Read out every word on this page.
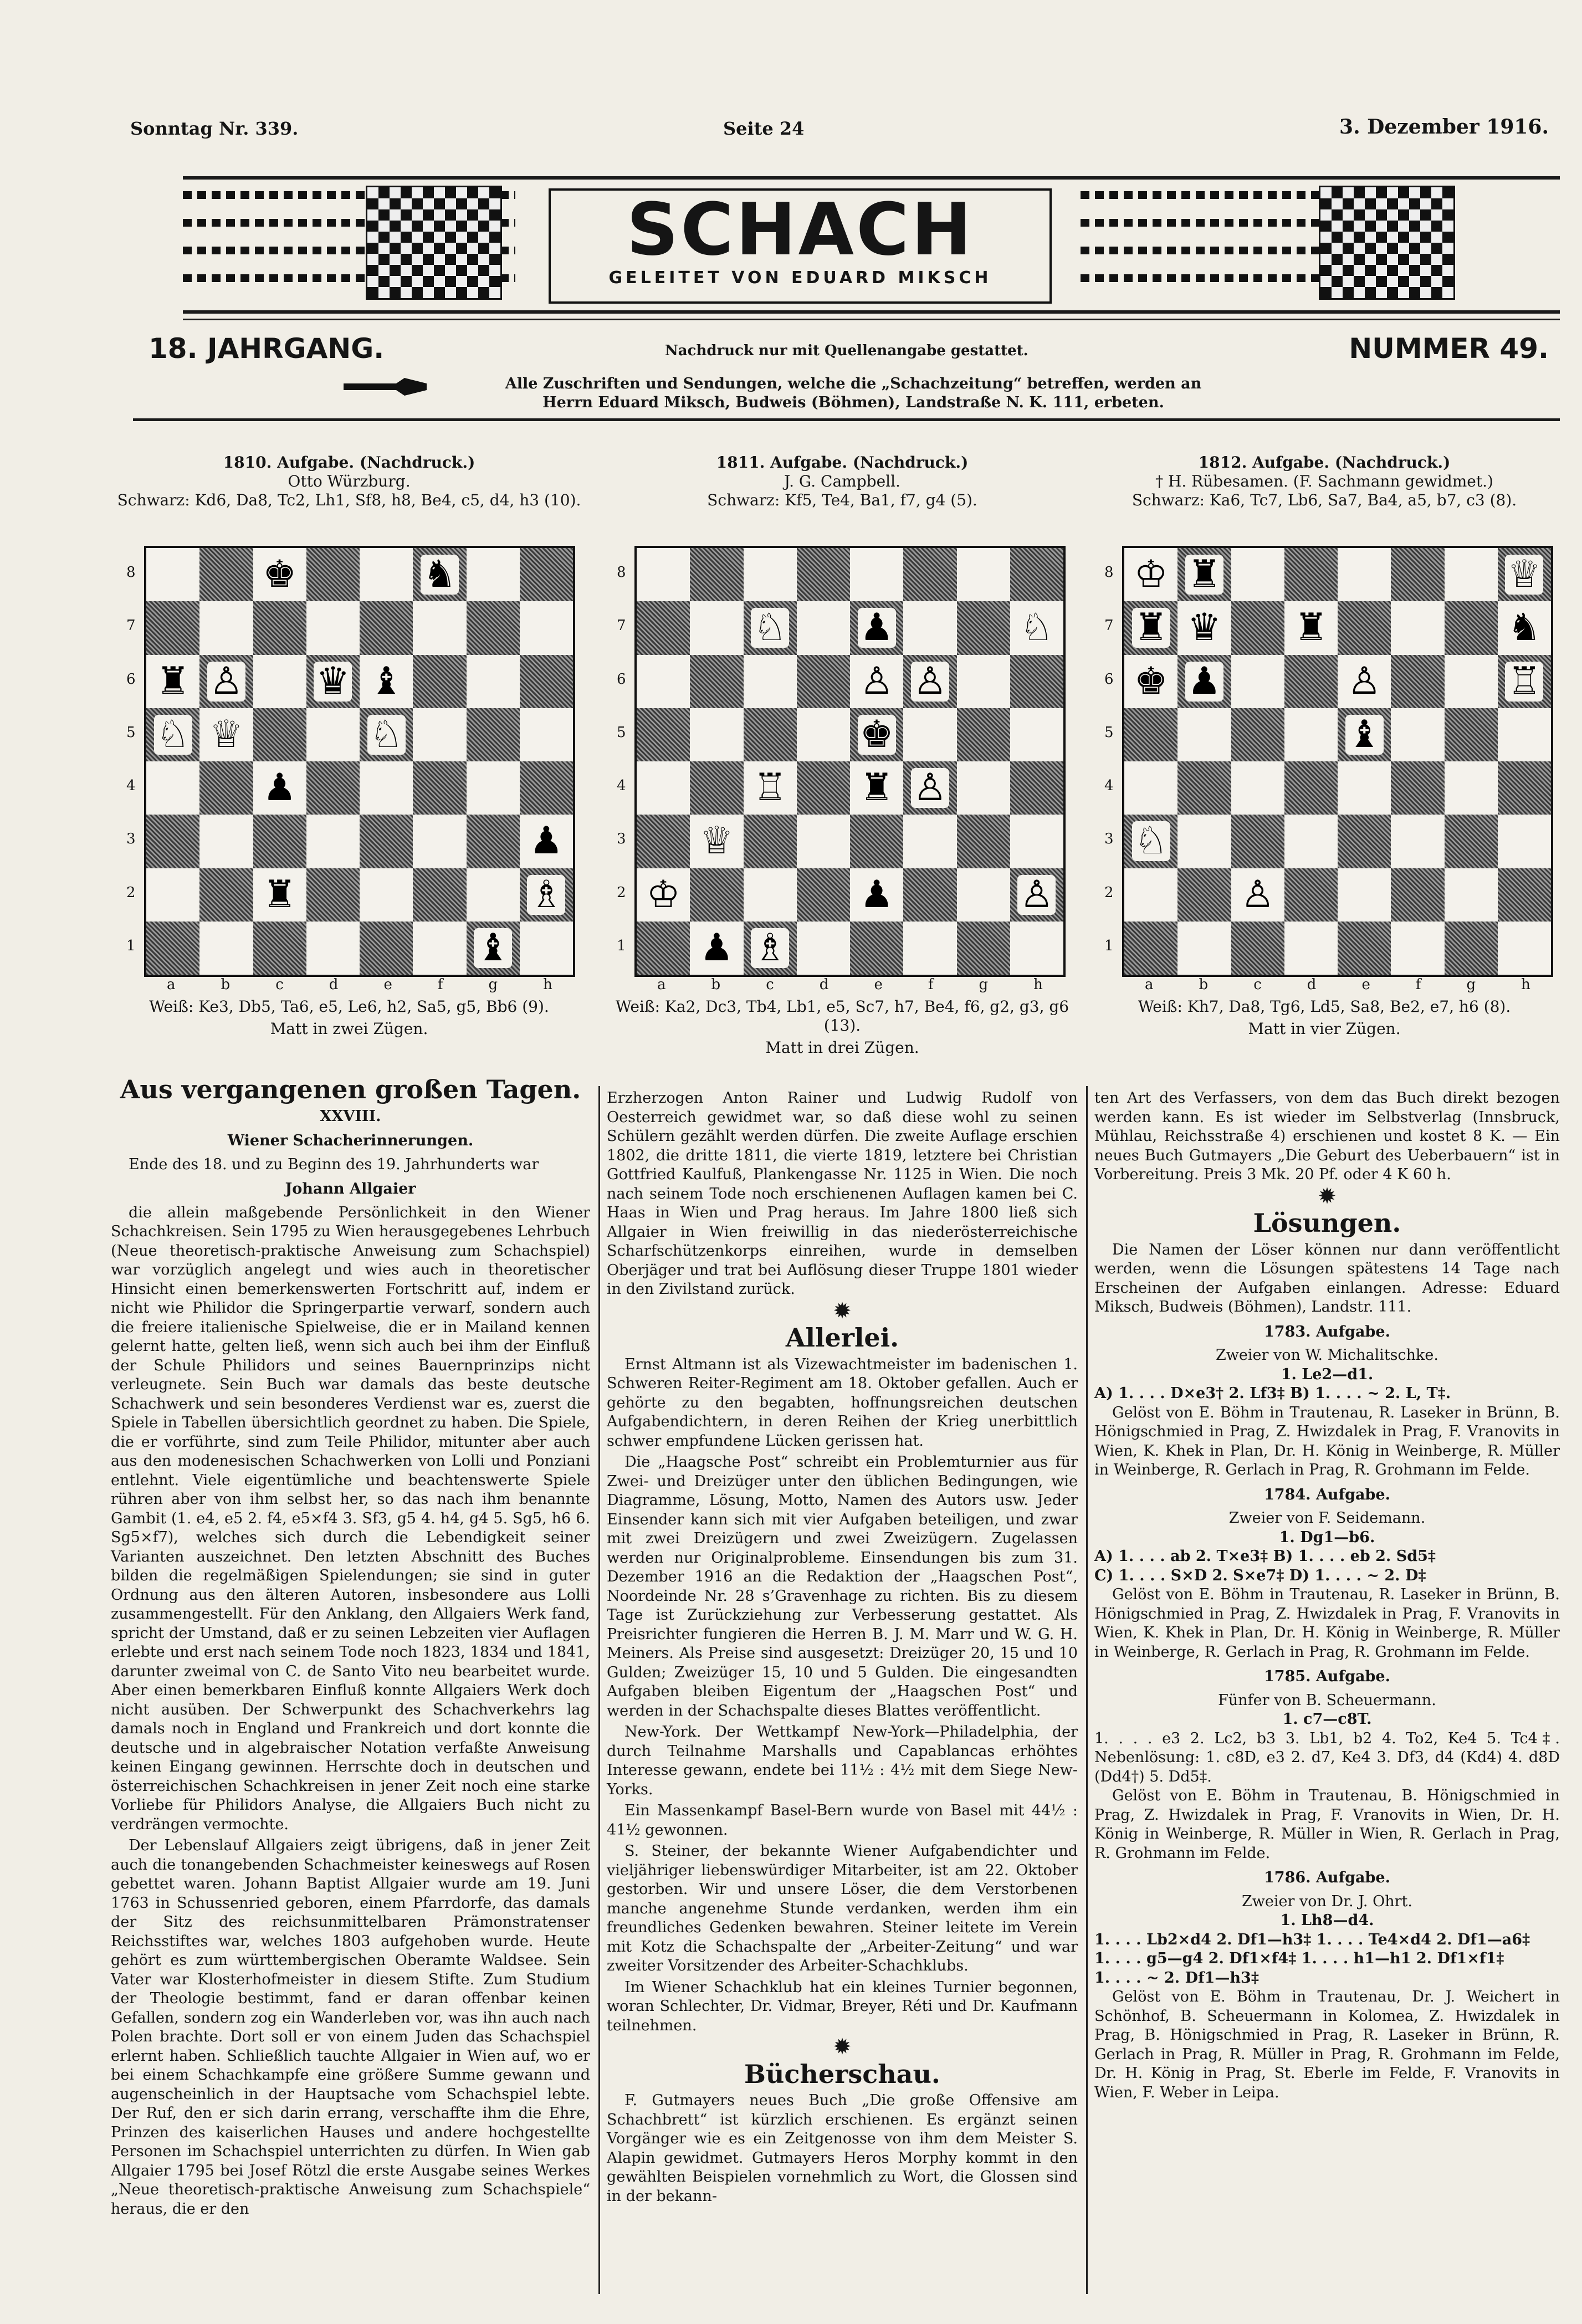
Sonntag Nr. 339.	Seite 24	3. Dezember 1916.
SCHACH
GELEITET VON EDUARD MIKSCH
18. JAHRGANG.	Nachdruck nur mit Quellenangabe gestattet.	NUMMER 49.
Alle Zuschriften und Sendungen, welche die „Schachzeitung“ betreffen, werden an
Herrn Eduard Miksch, Budweis (Böhmen), Landstraße N. K. 111, erbeten.
1810. Aufgabe. (Nachdruck.)
Otto Würzburg.
Schwarz: Kd6, Da8, Tc2, Lh1, Sf8, h8, Be4, c5, d4, h3 (10).
♚	♞
♜ ♙ ♛ ♝
♘ ♕	♘
♟
♟
♜	♗
♝
8
7
6
5
4
3
2
1
a	b	c	d	e	f	g	h
Weiß: Ke3, Db5, Ta6, e5, Le6, h2, Sa5, g5, Bb6 (9).
Matt in zwei Zügen.
1811. Aufgabe. (Nachdruck.)
J. G. Campbell.
Schwarz: Kf5, Te4, Ba1, f7, g4 (5).
♘ ♟	♘
♙ ♙
♚
♖ ♜ ♙
♕
♔	♟	♙
♟ ♗
8
7
6
5
4
3
2
1
a	b	c	d	e	f	g	h
Weiß: Ka2, Dc3, Tb4, Lb1, e5, Sc7, h7, Be4, f6, g2, g3, g6 (13).
Matt in drei Zügen.
1812. Aufgabe. (Nachdruck.)
† H. Rübesamen. (F. Sachmann gewidmet.)
Schwarz: Ka6, Tc7, Lb6, Sa7, Ba4, a5, b7, c3 (8).
♔ ♜	♕
♜ ♛ ♜	♞
♚ ♟	♙	♖
♝
♘
♙
8
7
6
5
4
3
2
1
a	b	c	d	e	f	g	h
Weiß: Kh7, Da8, Tg6, Ld5, Sa8, Be2, e7, h6 (8).
Matt in vier Zügen.
Aus vergangenen großen Tagen.
XXVIII.
Wiener Schacherinnerungen.

Ende des 18. und zu Beginn des 19. Jahrhunderts war

Johann Allgaier

die allein maßgebende Persönlichkeit in den Wiener Schachkreisen. Sein 1795 zu Wien herausgegebenes Lehrbuch (Neue theoretisch-praktische Anweisung zum Schachspiel) war vorzüglich angelegt und wies auch in theoretischer Hinsicht einen bemerkenswerten Fortschritt auf, indem er nicht wie Philidor die Springerpartie verwarf, sondern auch die freiere italienische Spielweise, die er in Mailand kennen gelernt hatte, gelten ließ, wenn sich auch bei ihm der Einfluß der Schule Philidors und seines Bauernprinzips nicht verleugnete. Sein Buch war damals das beste deutsche Schachwerk und sein besonderes Verdienst war es, zuerst die Spiele in Tabellen übersichtlich geordnet zu haben. Die Spiele, die er vorführte, sind zum Teile Philidor, mitunter aber auch aus den modenesischen Schachwerken von Lolli und Ponziani entlehnt. Viele eigentümliche und beachtenswerte Spiele rühren aber von ihm selbst her, so das nach ihm benannte Gambit (1. e4, e5 2. f4, e5×f4 3. Sf3, g5 4. h4, g4 5. Sg5, h6 6. Sg5×f7), welches sich durch die Lebendigkeit seiner Varianten auszeichnet. Den letzten Abschnitt des Buches bilden die regelmäßigen Spielendungen; sie sind in guter Ordnung aus den älteren Autoren, insbesondere aus Lolli zusammengestellt. Für den Anklang, den Allgaiers Werk fand, spricht der Umstand, daß er zu seinen Lebzeiten vier Auflagen erlebte und erst nach seinem Tode noch 1823, 1834 und 1841, darunter zweimal von C. de Santo Vito neu bearbeitet wurde. Aber einen bemerkbaren Einfluß konnte Allgaiers Werk doch nicht ausüben. Der Schwerpunkt des Schachverkehrs lag damals noch in England und Frankreich und dort konnte die deutsche und in algebraischer Notation verfaßte Anweisung keinen Eingang gewinnen. Herrschte doch in deutschen und österreichischen Schachkreisen in jener Zeit noch eine starke Vorliebe für Philidors Analyse, die Allgaiers Buch nicht zu verdrängen vermochte.

Der Lebenslauf Allgaiers zeigt übrigens, daß in jener Zeit auch die tonangebenden Schachmeister keineswegs auf Rosen gebettet waren. Johann Baptist Allgaier wurde am 19. Juni 1763 in Schussenried geboren, einem Pfarrdorfe, das damals der Sitz des reichsunmittelbaren Prämonstratenser Reichsstiftes war, welches 1803 aufgehoben wurde. Heute gehört es zum württembergischen Oberamte Waldsee. Sein Vater war Klosterhofmeister in diesem Stifte. Zum Studium der Theologie bestimmt, fand er daran offenbar keinen Gefallen, sondern zog ein Wanderleben vor, was ihn auch nach Polen brachte. Dort soll er von einem Juden das Schachspiel erlernt haben. Schließlich tauchte Allgaier in Wien auf, wo er bei einem Schachkampfe eine größere Summe gewann und augenscheinlich in der Hauptsache vom Schachspiel lebte. Der Ruf, den er sich darin errang, verschaffte ihm die Ehre, Prinzen des kaiserlichen Hauses und andere hochgestellte Personen im Schachspiel unterrichten zu dürfen. In Wien gab Allgaier 1795 bei Josef Rötzl die erste Ausgabe seines Werkes „Neue theoretisch-praktische Anweisung zum Schachspiele“ heraus, die er den

Erzherzogen Anton Rainer und Ludwig Rudolf von Oesterreich gewidmet war, so daß diese wohl zu seinen Schülern gezählt werden dürfen. Die zweite Auflage erschien 1802, die dritte 1811, die vierte 1819, letztere bei Christian Gottfried Kaulfuß, Plankengasse Nr. 1125 in Wien. Die noch nach seinem Tode noch erschienenen Auflagen kamen bei C. Haas in Wien und Prag heraus. Im Jahre 1800 ließ sich Allgaier in Wien freiwillig in das niederösterreichische Scharfschützenkorps einreihen, wurde in demselben Oberjäger und trat bei Auflösung dieser Truppe 1801 wieder in den Zivilstand zurück.

✹
Allerlei.

Ernst Altmann ist als Vizewachtmeister im badenischen 1. Schweren Reiter-Regiment am 18. Oktober gefallen. Auch er gehörte zu den begabten, hoffnungsreichen deutschen Aufgabendichtern, in deren Reihen der Krieg unerbittlich schwer empfundene Lücken gerissen hat.

Die „Haagsche Post“ schreibt ein Problemturnier aus für Zwei- und Dreizüger unter den üblichen Bedingungen, wie Diagramme, Lösung, Motto, Namen des Autors usw. Jeder Einsender kann sich mit vier Aufgaben beteiligen, und zwar mit zwei Dreizügern und zwei Zweizügern. Zugelassen werden nur Originalprobleme. Einsendungen bis zum 31. Dezember 1916 an die Redaktion der „Haagschen Post“, Noordeinde Nr. 28 s’Gravenhage zu richten. Bis zu diesem Tage ist Zurückziehung zur Verbesserung gestattet. Als Preisrichter fungieren die Herren B. J. M. Marr und W. G. H. Meiners. Als Preise sind ausgesetzt: Dreizüger 20, 15 und 10 Gulden; Zweizüger 15, 10 und 5 Gulden. Die eingesandten Aufgaben bleiben Eigentum der „Haagschen Post“ und werden in der Schachspalte dieses Blattes veröffentlicht.

New-York. Der Wettkampf New-York—Philadelphia, der durch Teilnahme Marshalls und Capablancas erhöhtes Interesse gewann, endete bei 11½ : 4½ mit dem Siege New-Yorks.

Ein Massenkampf Basel-Bern wurde von Basel mit 44½ : 41½ gewonnen.

S. Steiner, der bekannte Wiener Aufgabendichter und vieljähriger liebenswürdiger Mitarbeiter, ist am 22. Oktober gestorben. Wir und unsere Löser, die dem Verstorbenen manche angenehme Stunde verdanken, werden ihm ein freundliches Gedenken bewahren. Steiner leitete im Verein mit Kotz die Schachspalte der „Arbeiter-Zeitung“ und war zweiter Vorsitzender des Arbeiter-Schachklubs.

Im Wiener Schachklub hat ein kleines Turnier begonnen, woran Schlechter, Dr. Vidmar, Breyer, Réti und Dr. Kaufmann teilnehmen.

✹
Bücherschau.

F. Gutmayers neues Buch „Die große Offensive am Schachbrett“ ist kürzlich erschienen. Es ergänzt seinen Vorgänger wie es ein Zeitgenosse von ihm dem Meister S. Alapin gewidmet. Gutmayers Heros Morphy kommt in den gewählten Beispielen vornehmlich zu Wort, die Glossen sind in der bekann-

ten Art des Verfassers, von dem das Buch direkt bezogen werden kann. Es ist wieder im Selbstverlag (Innsbruck, Mühlau, Reichsstraße 4) erschienen und kostet 8 K. — Ein neues Buch Gutmayers „Die Geburt des Ueberbauern“ ist in Vorbereitung. Preis 3 Mk. 20 Pf. oder 4 K 60 h.

✹
Lösungen.

Die Namen der Löser können nur dann veröffentlicht werden, wenn die Lösungen spätestens 14 Tage nach Erscheinen der Aufgaben einlangen. Adresse: Eduard Miksch, Budweis (Böhmen), Landstr. 111.

1783. Aufgabe.
Zweier von W. Michalitschke.
1. Le2—d1.
A) 1. . . . D×e3† 2. Lf3‡ B) 1. . . . ~ 2. L, T‡.

Gelöst von E. Böhm in Trautenau, R. Laseker in Brünn, B. Hönigschmied in Prag, Z. Hwizdalek in Prag, F. Vranovits in Wien, K. Khek in Plan, Dr. H. König in Weinberge, R. Müller in Weinberge, R. Gerlach in Prag, R. Grohmann im Felde.

1784. Aufgabe.
Zweier von F. Seidemann.
1. Dg1—b6.
A) 1. . . . ab 2. T×e3‡ B) 1. . . . eb 2. Sd5‡
C) 1. . . . S×D 2. S×e7‡ D) 1. . . . ~ 2. D‡

Gelöst von E. Böhm in Trautenau, R. Laseker in Brünn, B. Hönigschmied in Prag, Z. Hwizdalek in Prag, F. Vranovits in Wien, K. Khek in Plan, Dr. H. König in Weinberge, R. Müller in Weinberge, R. Gerlach in Prag, R. Grohmann im Felde.

1785. Aufgabe.
Fünfer von B. Scheuermann.
1. c7—c8T.
1. . . . e3 2. Lc2, b3 3. Lb1, b2 4. To2, Ke4 5. Tc4‡. Nebenlösung: 1. c8D, e3 2. d7, Ke4 3. Df3, d4 (Kd4) 4. d8D (Dd4†) 5. Dd5‡.

Gelöst von E. Böhm in Trautenau, B. Hönigschmied in Prag, Z. Hwizdalek in Prag, F. Vranovits in Wien, Dr. H. König in Weinberge, R. Müller in Wien, R. Gerlach in Prag, R. Grohmann im Felde.

1786. Aufgabe.
Zweier von Dr. J. Ohrt.
1. Lh8—d4.
1. . . . Lb2×d4 2. Df1—h3‡ 1. . . . Te4×d4 2. Df1—a6‡
1. . . . g5—g4 2. Df1×f4‡ 1. . . . h1—h1 2. Df1×f1‡
1. . . . ~ 2. Df1—h3‡

Gelöst von E. Böhm in Trautenau, Dr. J. Weichert in Schönhof, B. Scheuermann in Kolomea, Z. Hwizdalek in Prag, B. Hönigschmied in Prag, R. Laseker in Brünn, R. Gerlach in Prag, R. Müller in Prag, R. Grohmann im Felde, Dr. H. König in Prag, St. Eberle im Felde, F. Vranovits in Wien, F. Weber in Leipa.
